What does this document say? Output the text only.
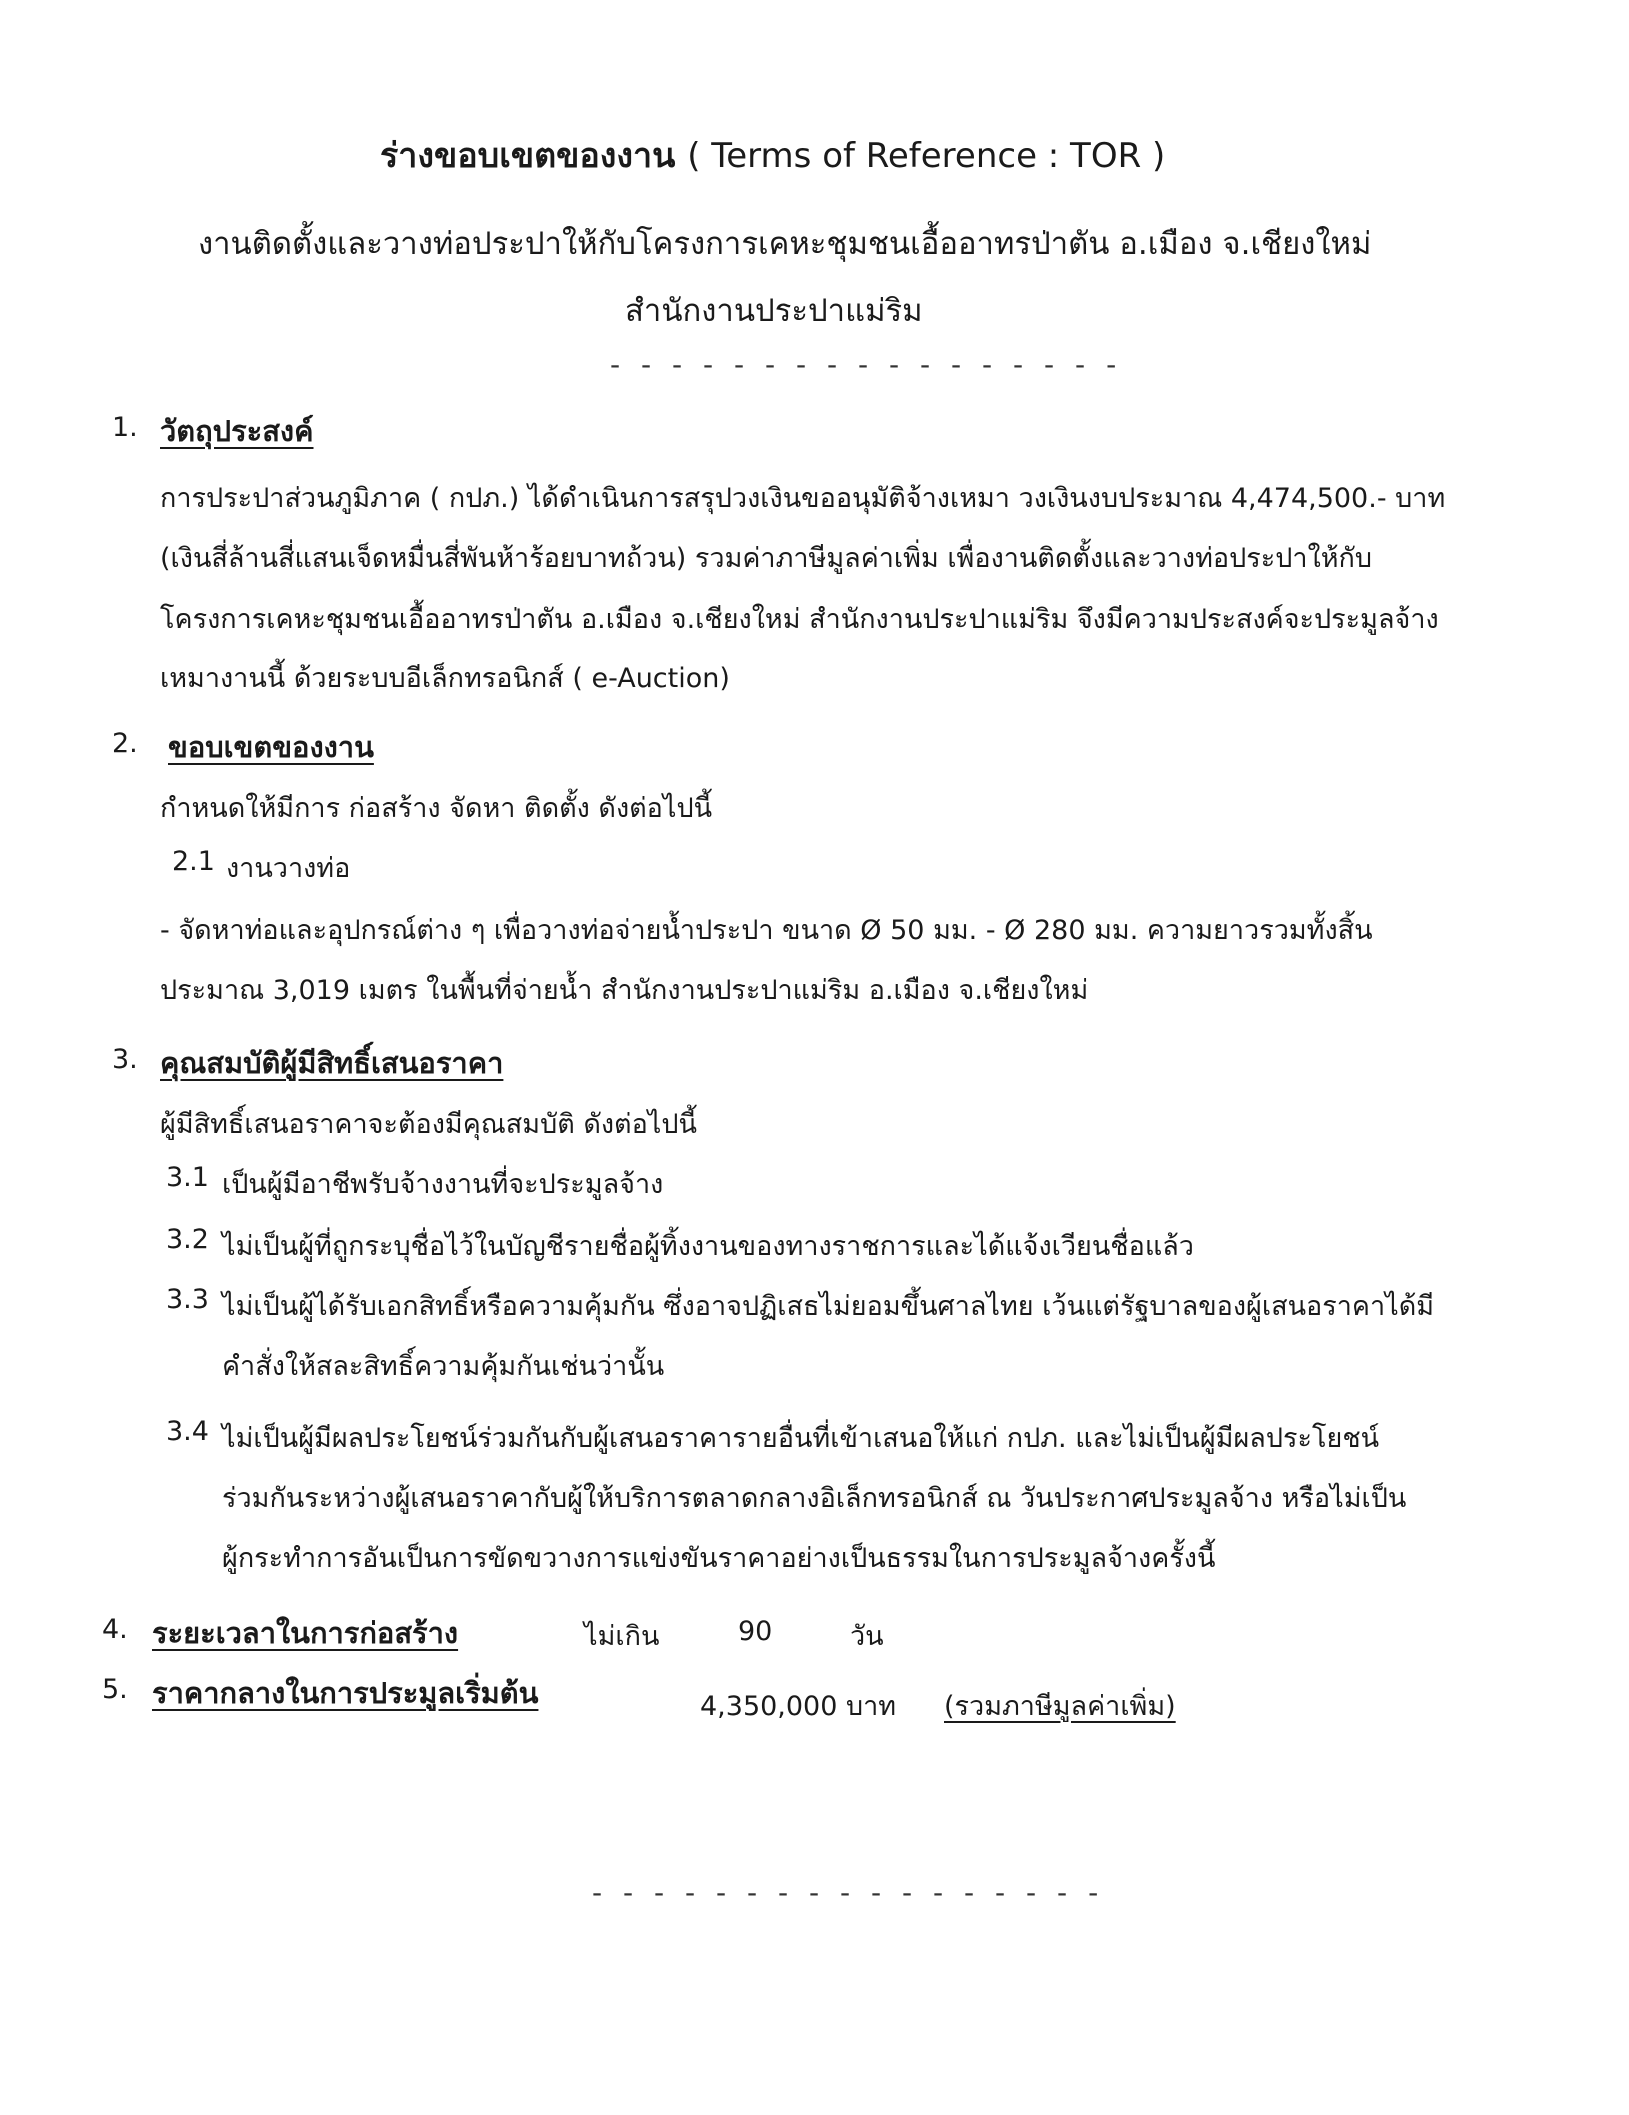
ร่างขอบเขตของงาน ( Terms of Reference : TOR )
งานติดตั้งและวางท่อประปาให้กับโครงการเคหะชุมชนเอื้ออาทรป่าตัน อ.เมือง จ.เชียงใหม่
สำนักงานประปาแม่ริม
- - - - - - - - - - - - - - - - -
1. วัตถุประสงค์
การประปาส่วนภูมิภาค ( กปภ.) ได้ดำเนินการสรุปวงเงินขออนุมัติจ้างเหมา วงเงินงบประมาณ 4,474,500.- บาท
(เงินสี่ล้านสี่แสนเจ็ดหมื่นสี่พันห้าร้อยบาทถ้วน) รวมค่าภาษีมูลค่าเพิ่ม เพื่องานติดตั้งและวางท่อประปาให้กับ
โครงการเคหะชุมชนเอื้ออาทรป่าตัน อ.เมือง จ.เชียงใหม่ สำนักงานประปาแม่ริม จึงมีความประสงค์จะประมูลจ้าง
เหมางานนี้ ด้วยระบบอีเล็กทรอนิกส์ ( e-Auction)
2. ขอบเขตของงาน
กำหนดให้มีการ ก่อสร้าง จัดหา ติดตั้ง ดังต่อไปนี้
2.1 งานวางท่อ
- จัดหาท่อและอุปกรณ์ต่าง ๆ เพื่อวางท่อจ่ายน้ำประปา ขนาด Ø 50 มม. - Ø 280 มม. ความยาวรวมทั้งสิ้น
ประมาณ 3,019 เมตร ในพื้นที่จ่ายน้ำ สำนักงานประปาแม่ริม อ.เมือง จ.เชียงใหม่
3. คุณสมบัติผู้มีสิทธิ์เสนอราคา
ผู้มีสิทธิ์เสนอราคาจะต้องมีคุณสมบัติ ดังต่อไปนี้
3.1 เป็นผู้มีอาชีพรับจ้างงานที่จะประมูลจ้าง
3.2 ไม่เป็นผู้ที่ถูกระบุชื่อไว้ในบัญชีรายชื่อผู้ทิ้งงานของทางราชการและได้แจ้งเวียนชื่อแล้ว
3.3 ไม่เป็นผู้ได้รับเอกสิทธิ์หรือความคุ้มกัน ซึ่งอาจปฏิเสธไม่ยอมขึ้นศาลไทย เว้นแต่รัฐบาลของผู้เสนอราคาได้มี
คำสั่งให้สละสิทธิ์ความคุ้มกันเช่นว่านั้น
3.4 ไม่เป็นผู้มีผลประโยชน์ร่วมกันกับผู้เสนอราคารายอื่นที่เข้าเสนอให้แก่ กปภ. และไม่เป็นผู้มีผลประโยชน์
ร่วมกันระหว่างผู้เสนอราคากับผู้ให้บริการตลาดกลางอิเล็กทรอนิกส์ ณ วันประกาศประมูลจ้าง หรือไม่เป็น
ผู้กระทำการอันเป็นการขัดขวางการแข่งขันราคาอย่างเป็นธรรมในการประมูลจ้างครั้งนี้
4. ระยะเวลาในการก่อสร้าง	ไม่เกิน	90	วัน
5. ราคากลางในการประมูลเริ่มต้น	4,350,000 บาท (รวมภาษีมูลค่าเพิ่ม)
- - - - - - - - - - - - - - - - -
